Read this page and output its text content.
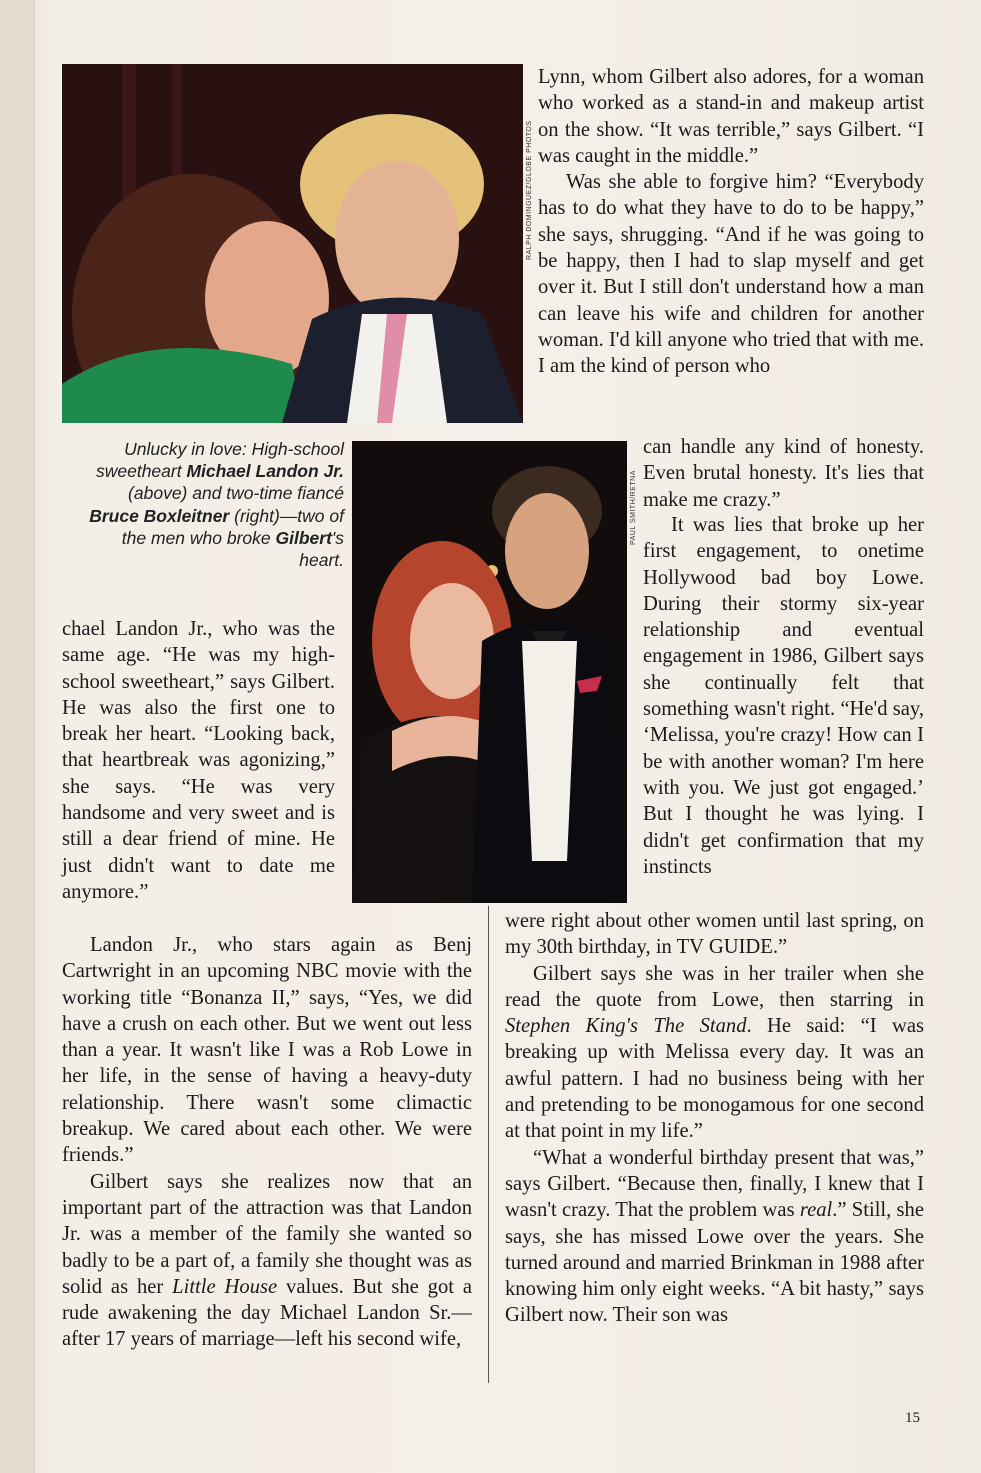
RALPH DOMINGUEZ/GLOBE PHOTOS
Unlucky in love: High-school sweetheart Michael Landon Jr. (above) and two-time fiancé Bruce Boxleitner (right)—two of the men who broke Gilbert's heart.
PAUL SMITH/RETNA

chael Landon Jr., who was the same age. “He was my high-school sweetheart,” says Gilbert. He was also the first one to break her heart. “Looking back, that heartbreak was agonizing,” she says. “He was very handsome and very sweet and is still a dear friend of mine. He just didn't want to date me anymore.”

Landon Jr., who stars again as Benj Cartwright in an upcoming NBC movie with the working title “Bonanza II,” says, “Yes, we did have a crush on each other. But we went out less than a year. It wasn't like I was a Rob Lowe in her life, in the sense of having a heavy-duty relationship. There wasn't some climactic breakup. We cared about each other. We were friends.”

Gilbert says she realizes now that an important part of the attraction was that Landon Jr. was a member of the family she wanted so badly to be a part of, a family she thought was as solid as her Little House values. But she got a rude awakening the day Michael Landon Sr.—after 17 years of marriage—left his second wife,

Lynn, whom Gilbert also adores, for a woman who worked as a stand-in and makeup artist on the show. “It was terrible,” says Gilbert. “I was caught in the middle.”

Was she able to forgive him? “Everybody has to do what they have to do to be happy,” she says, shrugging. “And if he was going to be happy, then I had to slap myself and get over it. But I still don't understand how a man can leave his wife and children for another woman. I'd kill anyone who tried that with me. I am the kind of person who

can handle any kind of honesty. Even brutal honesty. It's lies that make me crazy.”

It was lies that broke up her first engagement, to onetime Hollywood bad boy Lowe. During their stormy six-year relationship and eventual engagement in 1986, Gilbert says she continually felt that something wasn't right. “He'd say, ‘Melissa, you're crazy! How can I be with another woman? I'm here with you. We just got engaged.’ But I thought he was lying. I didn't get confirmation that my instincts

were right about other women until last spring, on my 30th birthday, in TV GUIDE.”

Gilbert says she was in her trailer when she read the quote from Lowe, then starring in Stephen King's The Stand. He said: “I was breaking up with Melissa every day. It was an awful pattern. I had no business being with her and pretending to be monogamous for one second at that point in my life.”

“What a wonderful birthday present that was,” says Gilbert. “Because then, finally, I knew that I wasn't crazy. That the problem was real.” Still, she says, she has missed Lowe over the years. She turned around and married Brinkman in 1988 after knowing him only eight weeks. “A bit hasty,” says Gilbert now. Their son was

15
